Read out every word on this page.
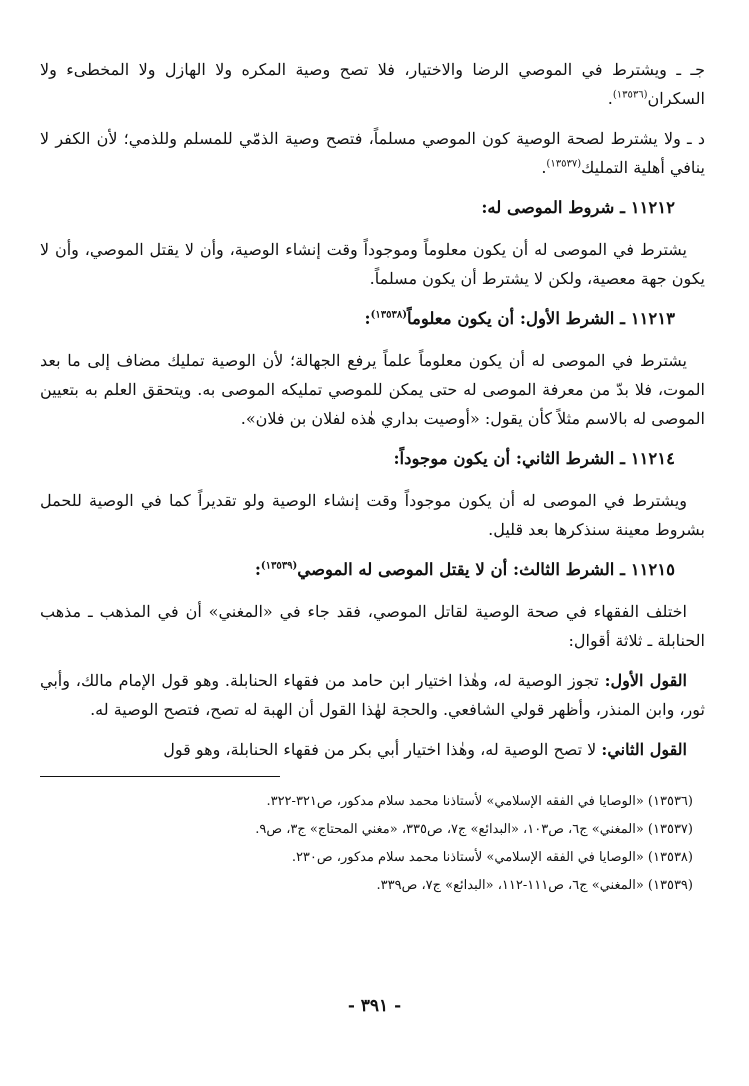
جـ ـ ويشترط في الموصي الرضا والاختيار، فلا تصح وصية المكره ولا الهازل ولا المخطىء ولا السكران$^{(١٣٥٣٦)}$.

د ـ ولا يشترط لصحة الوصية كون الموصي مسلماً، فتصح وصية الذمّي للمسلم وللذمي؛ لأن الكفر لا ينافي أهلية التمليك$^{(١٣٥٣٧)}$.

١١٢١٢ ـ شروط الموصى له:

يشترط في الموصى له أن يكون معلوماً وموجوداً وقت إنشاء الوصية، وأن لا يقتل الموصي، وأن لا يكون جهة معصية، ولكن لا يشترط أن يكون مسلماً.

١١٢١٣ ـ الشرط الأول: أن يكون معلوماً$^{(١٣٥٣٨)}$:

يشترط في الموصى له أن يكون معلوماً علماً يرفع الجهالة؛ لأن الوصية تمليك مضاف إلى ما بعد الموت، فلا بدّ من معرفة الموصى له حتى يمكن للموصي تمليكه الموصى به. ويتحقق العلم به بتعيين الموصى له بالاسم مثلاً كأن يقول: «أوصيت بداري هٰذه لفلان بن فلان».

١١٢١٤ ـ الشرط الثاني: أن يكون موجوداً:

ويشترط في الموصى له أن يكون موجوداً وقت إنشاء الوصية ولو تقديراً كما في الوصية للحمل بشروط معينة سنذكرها بعد قليل.

١١٢١٥ ـ الشرط الثالث: أن لا يقتل الموصى له الموصي$^{(١٣٥٣٩)}$:

اختلف الفقهاء في صحة الوصية لقاتل الموصي، فقد جاء في «المغني» أن في المذهب ـ مذهب الحنابلة ـ ثلاثة أقوال:

القول الأول: تجوز الوصية له، وهٰذا اختيار ابن حامد من فقهاء الحنابلة. وهو قول الإمام مالك، وأبي ثور، وابن المنذر، وأظهر قولي الشافعي. والحجة لهٰذا القول أن الهبة له تصح، فتصح الوصية له.

القول الثاني: لا تصح الوصية له، وهٰذا اختيار أبي بكر من فقهاء الحنابلة، وهو قول

(١٣٥٣٦) «الوصايا في الفقه الإسلامي» لأستاذنا محمد سلام مدكور، ص٣٢١-٣٢٢.
(١٣٥٣٧) «المغني» ج٦، ص١٠٣، «البدائع» ج٧، ص٣٣٥، «مغني المحتاج» ج٣، ص٩.
(١٣٥٣٨) «الوصايا في الفقه الإسلامي» لأستاذنا محمد سلام مدكور، ص٢٣٠.
(١٣٥٣٩) «المغني» ج٦، ص١١١-١١٢، «البدائع» ج٧، ص٣٣٩.
- ٣٩١ -
